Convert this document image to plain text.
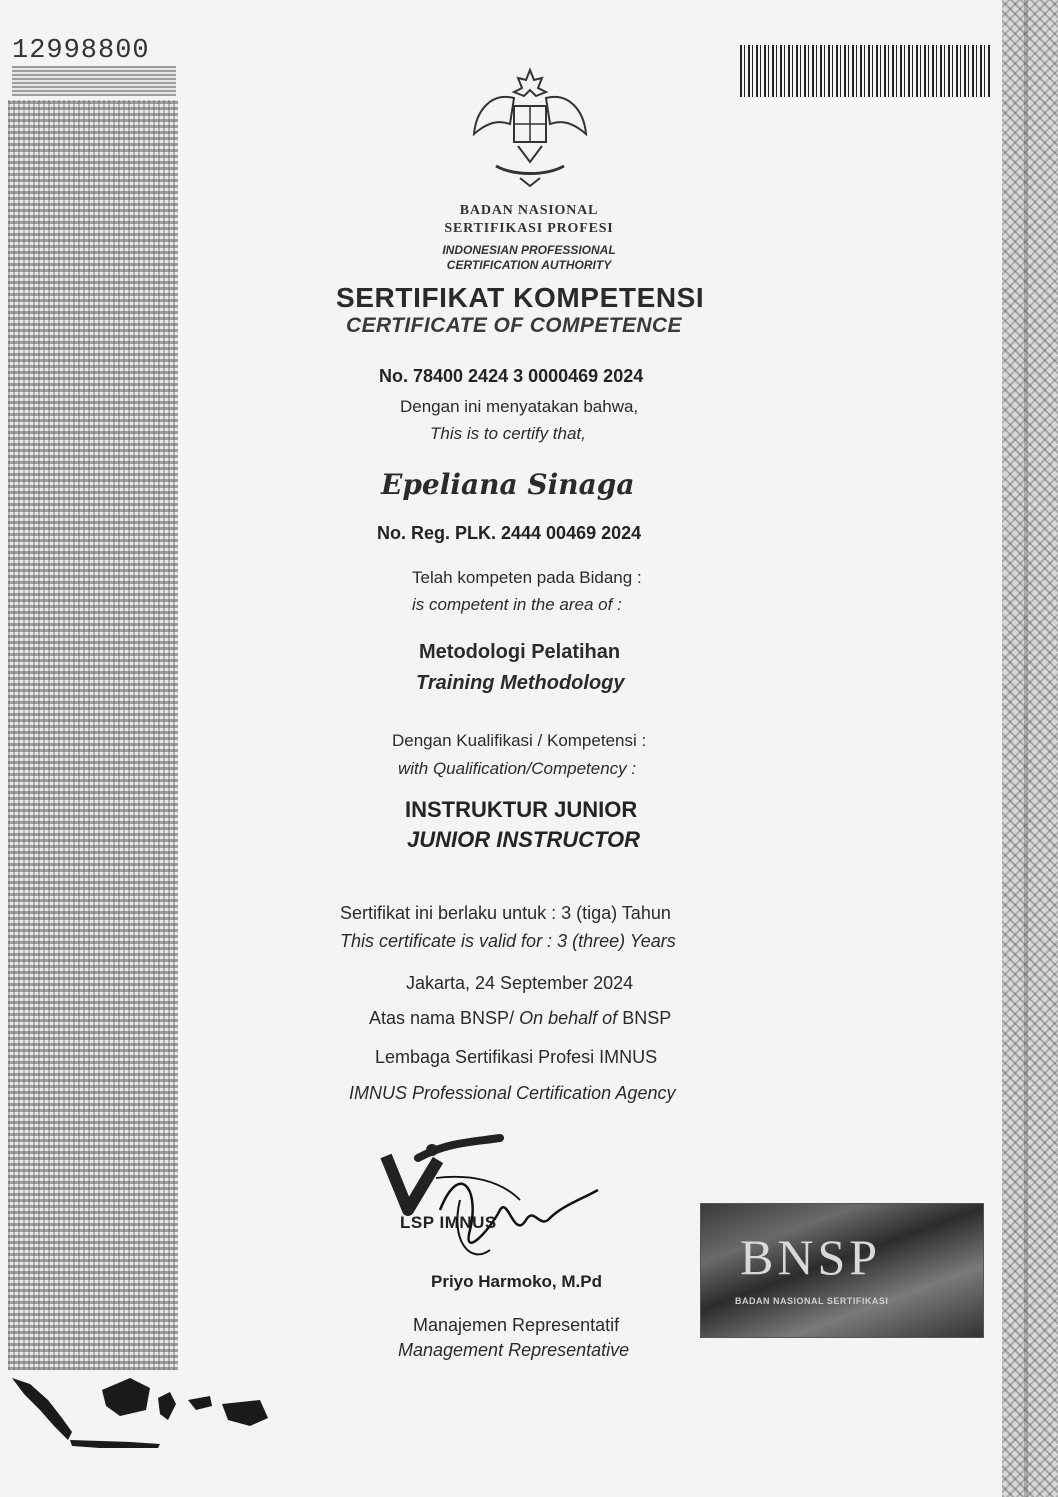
12998800
BADAN NASIONAL
SERTIFIKASI PROFESI
INDONESIAN PROFESSIONAL
CERTIFICATION AUTHORITY
SERTIFIKAT KOMPETENSI
CERTIFICATE OF COMPETENCE
No. 78400 2424 3 0000469 2024
Dengan ini menyatakan bahwa,
This is to certify that,
Epeliana Sinaga
No. Reg. PLK. 2444 00469 2024
Telah kompeten pada Bidang :
is competent in the area of :
Metodologi Pelatihan
Training Methodology
Dengan Kualifikasi / Kompetensi :
with Qualification/Competency :
INSTRUKTUR JUNIOR
JUNIOR INSTRUCTOR
Sertifikat ini berlaku untuk : 3 (tiga) Tahun
This certificate is valid for : 3 (three) Years
Jakarta, 24 September 2024
Atas nama BNSP/ On behalf of BNSP
Lembaga Sertifikasi Profesi IMNUS
IMNUS Professional Certification Agency
LSP IMNUS
Priyo Harmoko, M.Pd
Manajemen Representatif
Management Representative
BNSP
BADAN NASIONAL SERTIFIKASI
